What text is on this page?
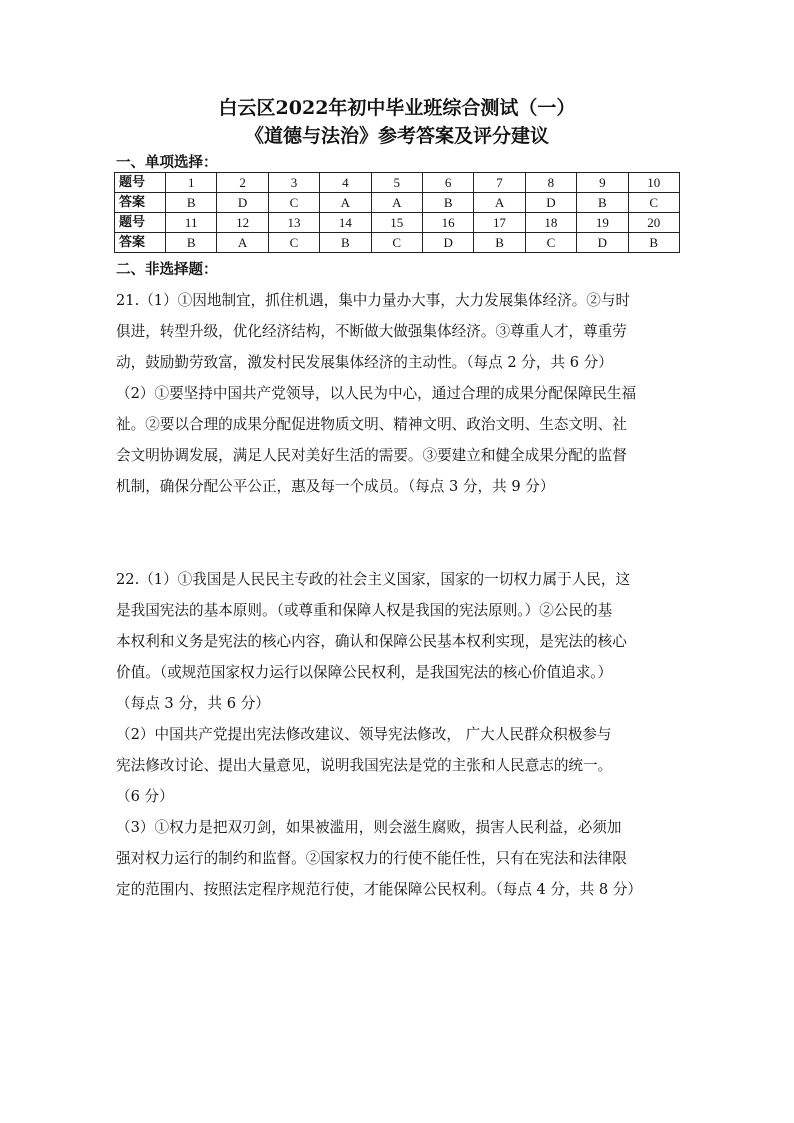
白云区2022年初中毕业班综合测试（一）
《道德与法治》参考答案及评分建议
一、单项选择：
题号	1	2	3	4	5	6	7	8	9	10
答案	B	D	C	A	A	B	A	D	B	C
题号	11	12	13	14	15	16	17	18	19	20
答案	B	A	C	B	C	D	B	C	D	B
二、非选择题：
21.（1）①因地制宜，抓住机遇，集中力量办大事，大力发展集体经济。②与时
俱进，转型升级，优化经济结构，不断做大做强集体经济。③尊重人才，尊重劳
动，鼓励勤劳致富，激发村民发展集体经济的主动性。（每点 2 分，共 6 分）
（2）①要坚持中国共产党领导，以人民为中心，通过合理的成果分配保障民生福
祉。②要以合理的成果分配促进物质文明、精神文明、政治文明、生态文明、社
会文明协调发展，满足人民对美好生活的需要。③要建立和健全成果分配的监督
机制，确保分配公平公正，惠及每一个成员。（每点 3 分，共 9 分）
22.（1）①我国是人民民主专政的社会主义国家，国家的一切权力属于人民，这
是我国宪法的基本原则。（或尊重和保障人权是我国的宪法原则。）②公民的基
本权利和义务是宪法的核心内容，确认和保障公民基本权利实现，是宪法的核心
价值。（或规范国家权力运行以保障公民权利，是我国宪法的核心价值追求。）
（每点 3 分，共 6 分）
（2）中国共产党提出宪法修改建议、领导宪法修改， 广大人民群众积极参与
宪法修改讨论、提出大量意见，说明我国宪法是党的主张和人民意志的统一。
（6 分）
（3）①权力是把双刃剑，如果被滥用，则会滋生腐败，损害人民利益，必须加
强对权力运行的制约和监督。②国家权力的行使不能任性，只有在宪法和法律限
定的范围内、按照法定程序规范行使，才能保障公民权利。（每点 4 分，共 8 分）
